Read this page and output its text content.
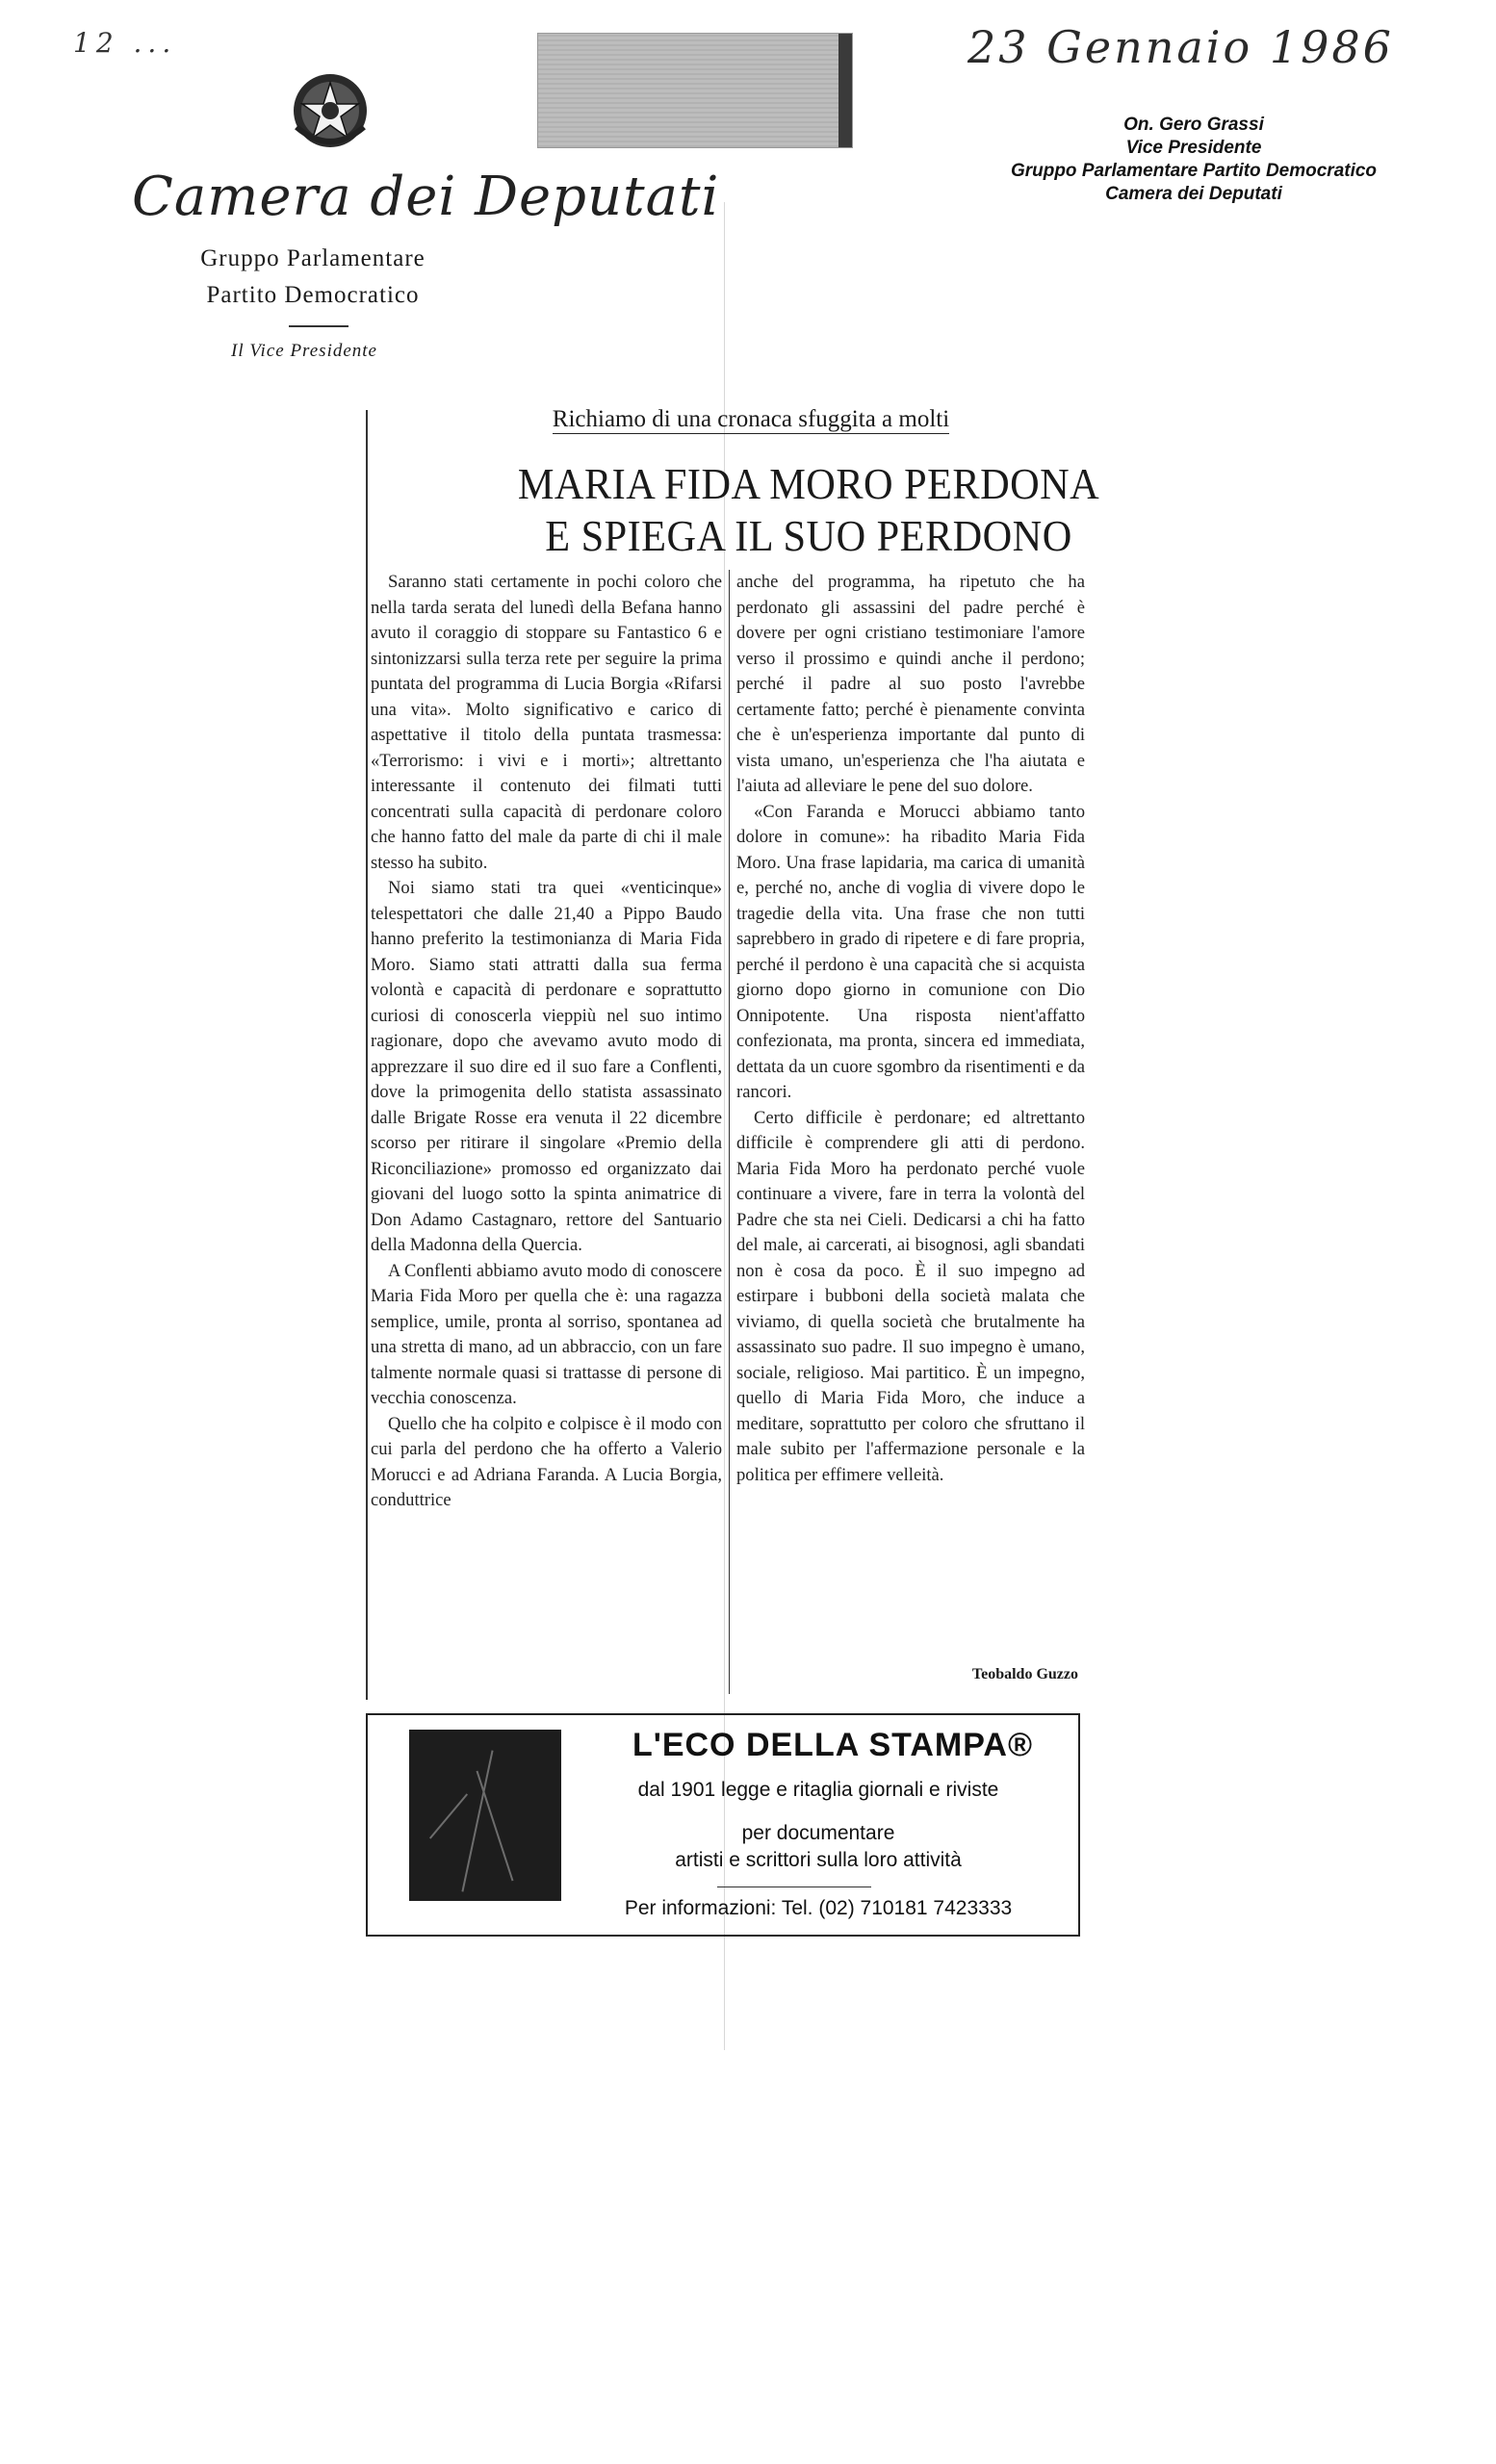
12 ...	23 Gennaio 1986
Camera dei Deputati
Gruppo Parlamentare
Partito Democratico
Il Vice Presidente
On. Gero Grassi
Vice Presidente
Gruppo Parlamentare Partito Democratico
Camera dei Deputati
Richiamo di una cronaca sfuggita a molti
MARIA FIDA MORO PERDONA
E SPIEGA IL SUO PERDONO

Saranno stati certamente in pochi coloro che nella tarda serata del lunedì della Befana hanno avuto il coraggio di stoppare su Fantastico 6 e sintonizzarsi sulla terza rete per seguire la prima puntata del programma di Lucia Borgia «Rifarsi una vita». Molto significativo e carico di aspettative il titolo della puntata trasmessa: «Terrorismo: i vivi e i morti»; altrettanto interessante il contenuto dei filmati tutti concentrati sulla capacità di perdonare coloro che hanno fatto del male da parte di chi il male stesso ha subito.

Noi siamo stati tra quei «venticinque» telespettatori che dalle 21,40 a Pippo Baudo hanno preferito la testimonianza di Maria Fida Moro. Siamo stati attratti dalla sua ferma volontà e capacità di perdonare e soprattutto curiosi di conoscerla vieppiù nel suo intimo ragionare, dopo che avevamo avuto modo di apprezzare il suo dire ed il suo fare a Conflenti, dove la primogenita dello statista assassinato dalle Brigate Rosse era venuta il 22 dicembre scorso per ritirare il singolare «Premio della Riconciliazione» promosso ed organizzato dai giovani del luogo sotto la spinta animatrice di Don Adamo Castagnaro, rettore del Santuario della Madonna della Quercia.

A Conflenti abbiamo avuto modo di conoscere Maria Fida Moro per quella che è: una ragazza semplice, umile, pronta al sorriso, spontanea ad una stretta di mano, ad un abbraccio, con un fare talmente normale quasi si trattasse di persone di vecchia conoscenza.

Quello che ha colpito e colpisce è il modo con cui parla del perdono che ha offerto a Valerio Morucci e ad Adriana Faranda. A Lucia Borgia, conduttrice

anche del programma, ha ripetuto che ha perdonato gli assassini del padre perché è dovere per ogni cristiano testimoniare l'amore verso il prossimo e quindi anche il perdono; perché il padre al suo posto l'avrebbe certamente fatto; perché è pienamente convinta che è un'esperienza importante dal punto di vista umano, un'esperienza che l'ha aiutata e l'aiuta ad alleviare le pene del suo dolore.

«Con Faranda e Morucci abbiamo tanto dolore in comune»: ha ribadito Maria Fida Moro. Una frase lapidaria, ma carica di umanità e, perché no, anche di voglia di vivere dopo le tragedie della vita. Una frase che non tutti saprebbero in grado di ripetere e di fare propria, perché il perdono è una capacità che si acquista giorno dopo giorno in comunione con Dio Onnipotente. Una risposta nient'affatto confezionata, ma pronta, sincera ed immediata, dettata da un cuore sgombro da risentimenti e da rancori.

Certo difficile è perdonare; ed altrettanto difficile è comprendere gli atti di perdono. Maria Fida Moro ha perdonato perché vuole continuare a vivere, fare in terra la volontà del Padre che sta nei Cieli. Dedicarsi a chi ha fatto del male, ai carcerati, ai bisognosi, agli sbandati non è cosa da poco. È il suo impegno ad estirpare i bubboni della società malata che viviamo, di quella società che brutalmente ha assassinato suo padre. Il suo impegno è umano, sociale, religioso. Mai partitico. È un impegno, quello di Maria Fida Moro, che induce a meditare, soprattutto per coloro che sfruttano il male subito per l'affermazione personale e la politica per effimere velleità.

Teobaldo Guzzo
L'ECO DELLA STAMPA®
dal 1901 legge e ritaglia giornali e riviste
per documentare
artisti e scrittori sulla loro attività
Per informazioni: Tel. (02) 710181 7423333
